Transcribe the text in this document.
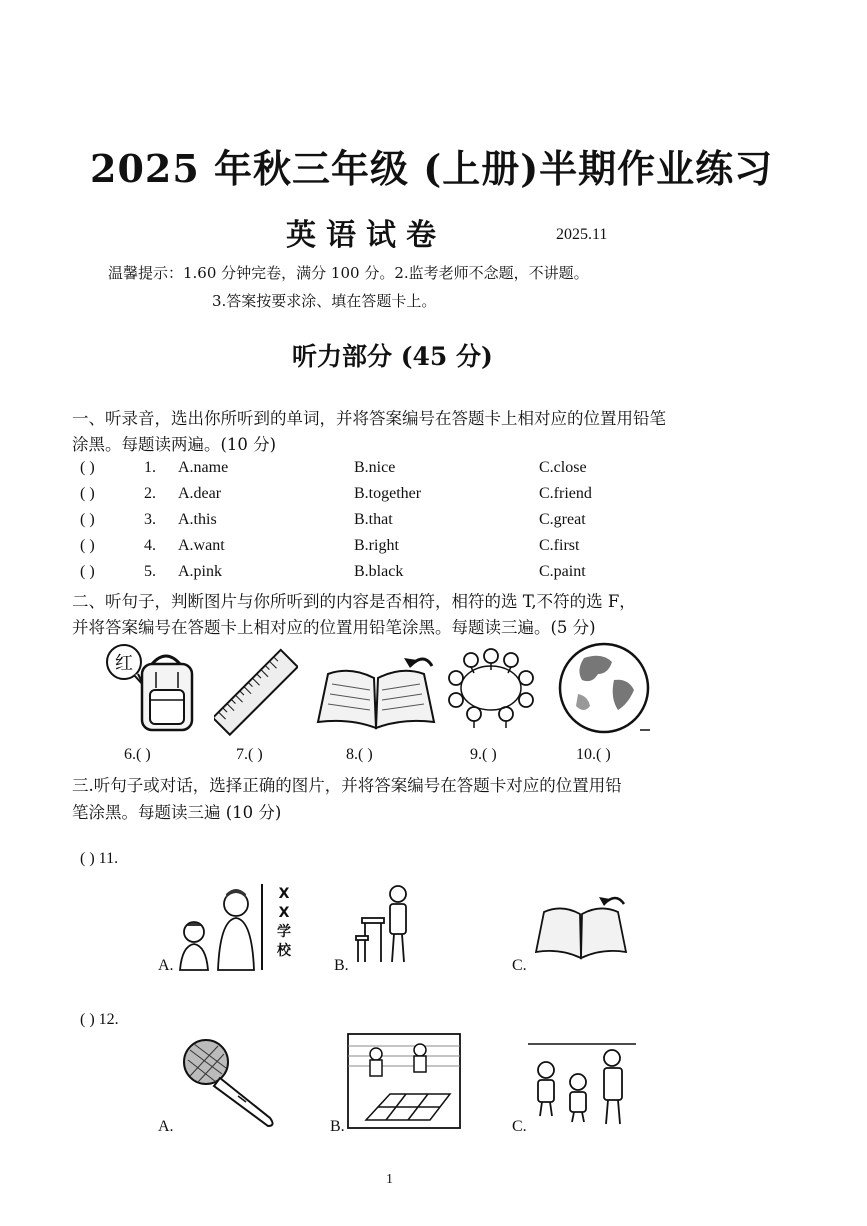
2025 年秋三年级 (上册)半期作业练习
英语试卷	2025.11
温馨提示：1.60 分钟完卷，满分 100 分。2.监考老师不念题，不讲题。
3.答案按要求涂、填在答题卡上。
听力部分 (45 分)
一、听录音，选出你所听到的单词，并将答案编号在答题卡上相对应的位置用铅笔
涂黑。每题读两遍。(10 分)
( )	1. A.name	B.nice	C.close
( )	2. A.dear	B.together	C.friend
( )	3. A.this	B.that	C.great
( )	4. A.want	B.right	C.first
( )	5. A.pink	B.black	C.paint
二、听句子，判断图片与你所听到的内容是否相符，相符的选 T,不符的选 F，
并将答案编号在答题卡上相对应的位置用铅笔涂黑。每题读三遍。(5 分)
红
6.( )	7.( )	8.( )	9.( )	10.( )
三.听句子或对话，选择正确的图片，并将答案编号在答题卡对应的位置用铅
笔涂黑。每题读三遍 (10 分)
( ) 11.
X
X
学
校
A.	B.	C.
( ) 12.
A.	B.	C.
1
